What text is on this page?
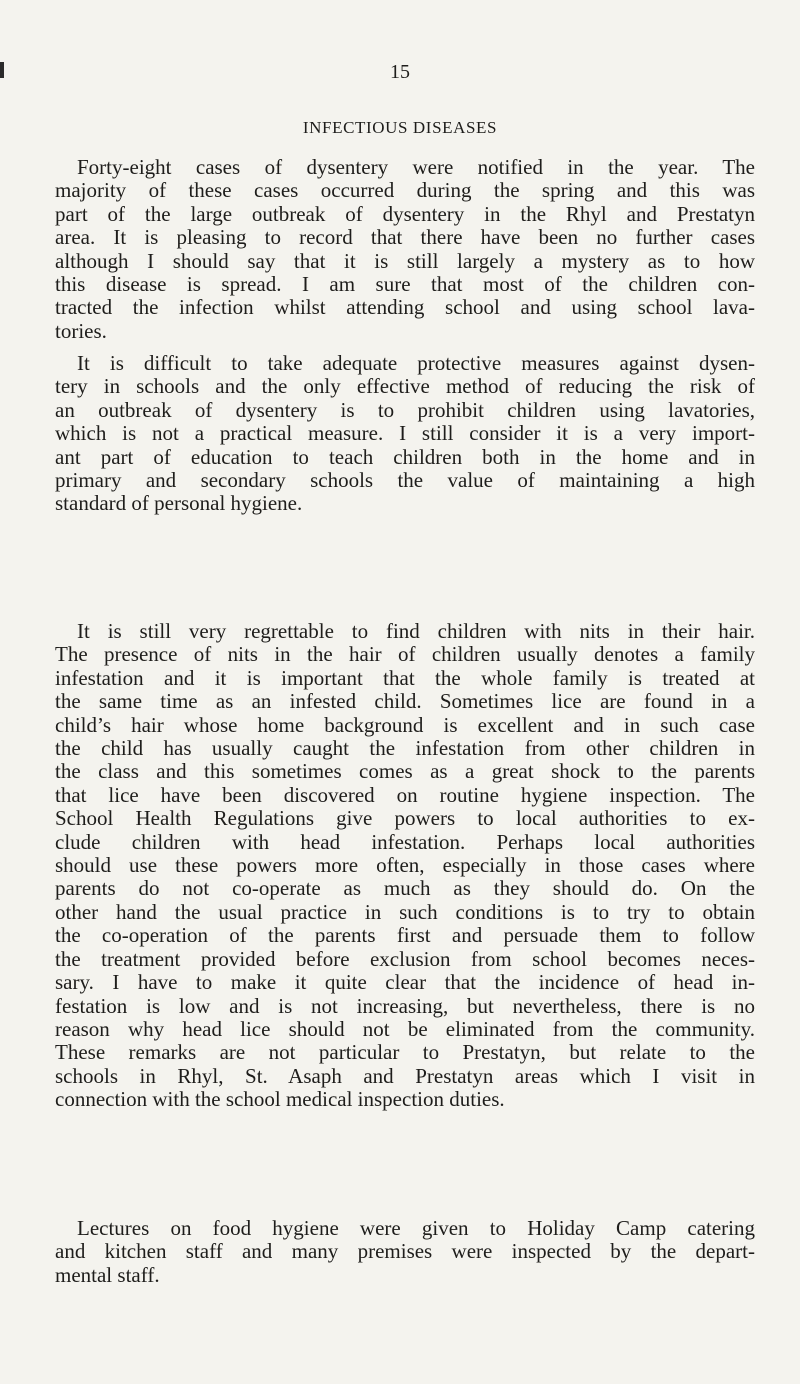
15
INFECTIOUS DISEASES

Forty-eight cases of dysentery were notified in the year. The
majority of these cases occurred during the spring and this was
part of the large outbreak of dysentery in the Rhyl and Prestatyn
area. It is pleasing to record that there have been no further cases
although I should say that it is still largely a mystery as to how
this disease is spread. I am sure that most of the children con-
tracted the infection whilst attending school and using school lava-
tories.

It is difficult to take adequate protective measures against dysen-
tery in schools and the only effective method of reducing the risk of
an outbreak of dysentery is to prohibit children using lavatories,
which is not a practical measure. I still consider it is a very import-
ant part of education to teach children both in the home and in
primary and secondary schools the value of maintaining a high
standard of personal hygiene.

It is still very regrettable to find children with nits in their hair.
The presence of nits in the hair of children usually denotes a family
infestation and it is important that the whole family is treated at
the same time as an infested child. Sometimes lice are found in a
child’s hair whose home background is excellent and in such case
the child has usually caught the infestation from other children in
the class and this sometimes comes as a great shock to the parents
that lice have been discovered on routine hygiene inspection. The
School Health Regulations give powers to local authorities to ex-
clude children with head infestation. Perhaps local authorities
should use these powers more often, especially in those cases where
parents do not co-operate as much as they should do. On the
other hand the usual practice in such conditions is to try to obtain
the co-operation of the parents first and persuade them to follow
the treatment provided before exclusion from school becomes neces-
sary. I have to make it quite clear that the incidence of head in-
festation is low and is not increasing, but nevertheless, there is no
reason why head lice should not be eliminated from the community.
These remarks are not particular to Prestatyn, but relate to the
schools in Rhyl, St. Asaph and Prestatyn areas which I visit in
connection with the school medical inspection duties.

Lectures on food hygiene were given to Holiday Camp catering
and kitchen staff and many premises were inspected by the depart-
mental staff.
